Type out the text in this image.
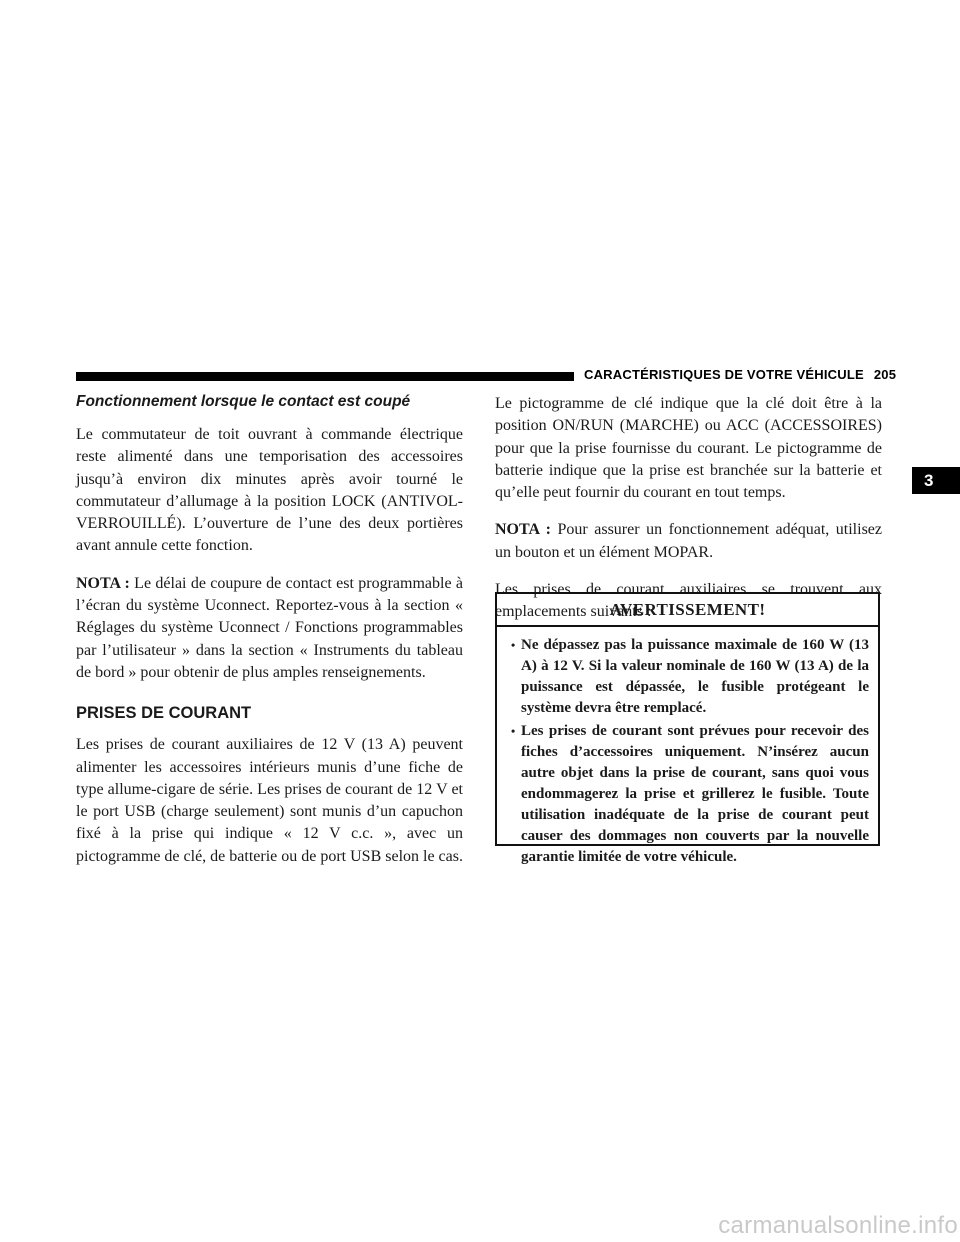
CARACTÉRISTIQUES DE VOTRE VÉHICULE 205
3
Fonctionnement lorsque le contact est coupé

Le commutateur de toit ouvrant à commande électrique reste alimenté dans une temporisation des accessoires jusqu’à environ dix minutes après avoir tourné le commutateur d’allumage à la position LOCK (ANTIVOL-VERROUILLÉ). L’ouverture de l’une des deux portières avant annule cette fonction.

NOTA : Le délai de coupure de contact est programmable à l’écran du système Uconnect. Reportez-vous à la section « Réglages du système Uconnect / Fonctions programmables par l’utilisateur » dans la section « Instruments du tableau de bord » pour obtenir de plus amples renseignements.

PRISES DE COURANT

Les prises de courant auxiliaires de 12 V (13 A) peuvent alimenter les accessoires intérieurs munis d’une fiche de type allume-cigare de série. Les prises de courant de 12 V et le port USB (charge seulement) sont munis d’un capuchon fixé à la prise qui indique « 12 V c.c. », avec un pictogramme de clé, de batterie ou de port USB selon le cas.

Le pictogramme de clé indique que la clé doit être à la position ON/RUN (MARCHE) ou ACC (ACCESSOIRES) pour que la prise fournisse du courant. Le pictogramme de batterie indique que la prise est branchée sur la batterie et qu’elle peut fournir du courant en tout temps.

NOTA : Pour assurer un fonctionnement adéquat, utilisez un bouton et un élément MOPAR.

Les prises de courant auxiliaires se trouvent aux emplacements suivants :

AVERTISSEMENT!
• Ne dépassez pas la puissance maximale de 160 W (13 A) à 12 V. Si la valeur nominale de 160 W (13 A) de la puissance est dépassée, le fusible protégeant le système devra être remplacé.
• Les prises de courant sont prévues pour recevoir des fiches d’accessoires uniquement. N’insérez aucun autre objet dans la prise de courant, sans quoi vous endommagerez la prise et grillerez le fusible. Toute utilisation inadéquate de la prise de courant peut causer des dommages non couverts par la nouvelle garantie limitée de votre véhicule.
carmanualsonline.info
